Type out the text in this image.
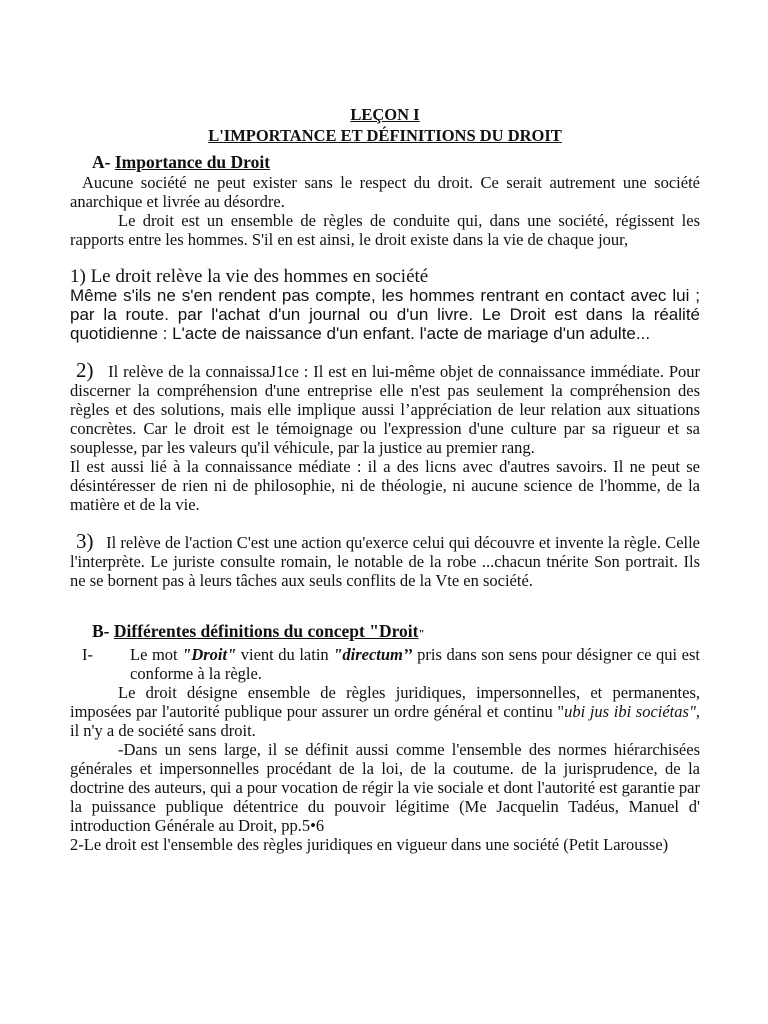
LEÇON I

L'IMPORTANCE ET DÉFINITIONS DU DROIT

A- Importance du Droit

Aucune société ne peut exister sans le respect du droit. Ce serait autrement une société anarchique et livrée au désordre.

Le droit est un ensemble de règles de conduite qui, dans une société, régissent les rapports entre les hommes. S'il en est ainsi, le droit existe dans la vie de chaque jour,

1) Le droit relève la vie des hommes en société

Même s'ils ne s'en rendent pas compte, les hommes rentrant en contact avec lui ; par la route. par l'achat d'un journal ou d'un livre. Le Droit est dans la réalité quotidienne : L'acte de naissance d'un enfant. l'acte de mariage d'un adulte...

2) Il relève de la connaissaJ1ce : Il est en lui-même objet de connaissance immédiate. Pour discerner la compréhension d'une entreprise elle n'est pas seulement la compréhension des règles et des solutions, mais elle implique aussi l’appréciation de leur relation aux situations concrètes. Car le droit est le témoignage ou l'expression d'une culture par sa rigueur et sa souplesse, par les valeurs qu'il véhicule, par la justice au premier rang.

Il est aussi lié à la connaissance médiate : il a des licns avec d'autres savoirs. Il ne peut se désintéresser de rien ni de philosophie, ni de théologie, ni aucune science de l'homme, de la matière et de la vie.

3) Il relève de l'action C'est une action qu'exerce celui qui découvre et invente la règle. Celle l'interprète. Le juriste consulte romain, le notable de la robe ...chacun tnérite Son portrait. Ils ne se bornent pas à leurs tâches aux seuls conflits de la Vte en société.

B- Différentes définitions du concept "Droit"

I- Le mot "Droit" vient du latin "directum’’ pris dans son sens pour désigner ce qui est conforme à la règle.

Le droit désigne ensemble de règles juridiques, impersonnelles, et permanentes, imposées par l'autorité publique pour assurer un ordre général et continu "ubi jus ibi sociétas", il n'y a de société sans droit.

-Dans un sens large, il se définit aussi comme l'ensemble des normes hiérarchisées générales et impersonnelles procédant de la loi, de la coutume. de la jurisprudence, de la doctrine des auteurs, qui a pour vocation de régir la vie sociale et dont l'autorité est garantie par la puissance publique détentrice du pouvoir légitime (Me Jacquelin Tadéus, Manuel d' introduction Générale au Droit, pp.5•6

2-Le droit est l'ensemble des règles juridiques en vigueur dans une société (Petit Larousse)
